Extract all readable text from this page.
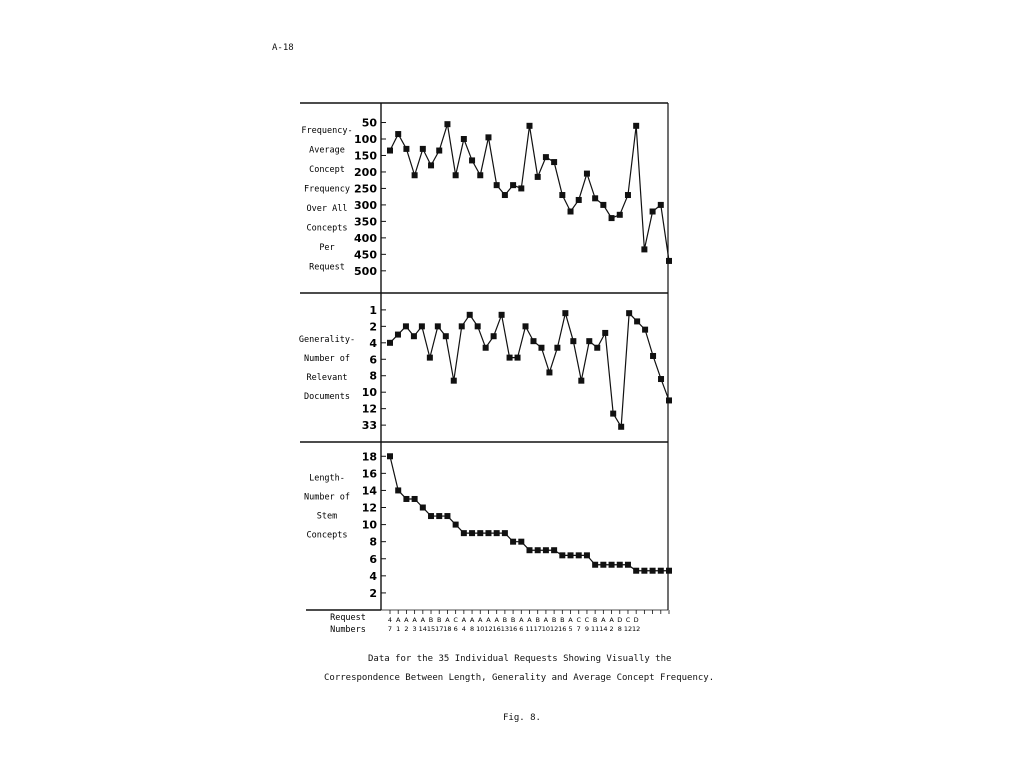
A-18
Frequency-
Average
Concept
Frequency
Over All
Concepts
Per
Request
Generality-
Number of
Relevant
Documents
Length-
Number of
Stem
Concepts
Request
Numbers
50
100
150
200
250
300
350
400
450
500
1
2
4
6
8
10
12
33
18
16
14
12
10
8
6
4
2
4
7
A
1
A
2
A
3
A
14
B
15
B
17
A
18
C
6
A
4
A
8
A
10
A
12
A
16
B
13
B
16
A
6
A
11
B
17
A
10
B
12
B
16
A
5
C
7
C
9
B
11
A
14
A
2
D
8
C
12
D
12
Data for the 35 Individual Requests Showing Visually the
Correspondence Between Length, Generality and Average Concept Frequency.
Fig. 8.
